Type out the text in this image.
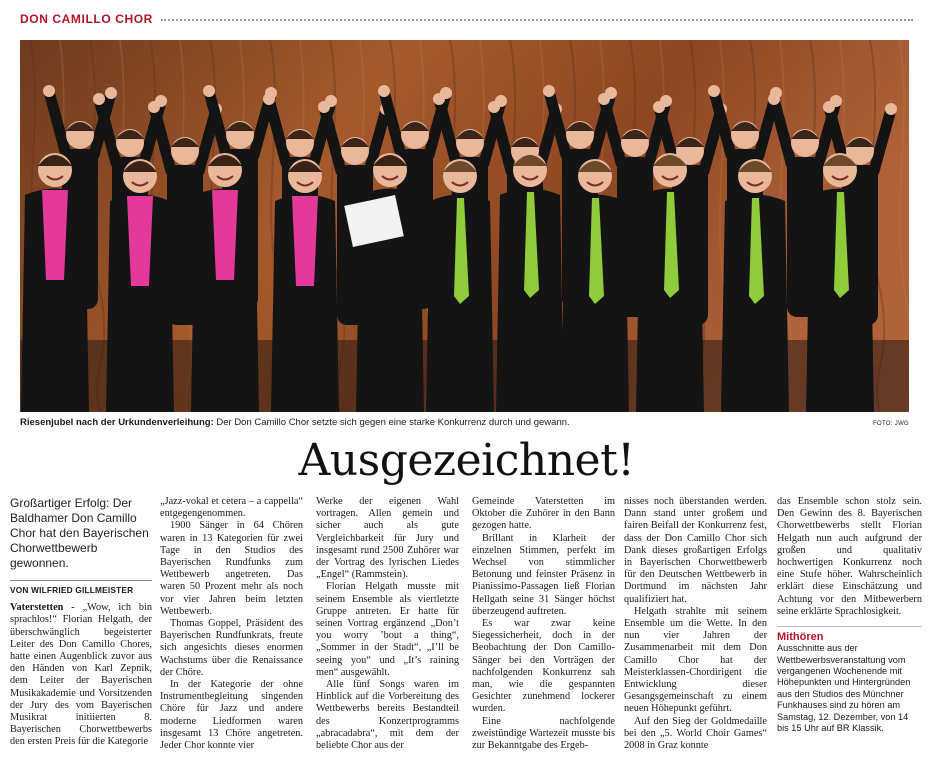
DON CAMILLO CHOR
Riesenjubel nach der Urkundenverleihung: Der Don Camillo Chor setzte sich gegen eine starke Konkurrenz durch und gewann.	FOTO: JWG
Ausgezeichnet!

Großartiger Erfolg: Der Baldhamer Don Camillo Chor hat den Bayerischen Chorwettbewerb gewonnen.

VON WILFRIED GILLMEISTER

Vaterstetten - „Wow, ich bin sprachlos!“ Florian Helgath, der überschwänglich begeisterter Leiter des Don Camillo Chores, hatte einen Augenblick zuvor aus den Händen von Karl Zepnik, dem Leiter der Bayerischen Musikakademie und Vorsitzenden der Jury des vom Bayerischen Musikrat initiierten 8. Bayerischen Chorwettbewerbs den ersten Preis für die Kategorie

„Jazz-vokal et cetera – a cappella“ entgegengenommen.

1900 Sänger in 64 Chören waren in 13 Kategorien für zwei Tage in den Studios des Bayerischen Rundfunks zum Wettbewerb angetreten. Das waren 50 Prozent mehr als noch vor vier Jahren beim letzten Wettbewerb.

Thomas Goppel, Präsident des Bayerischen Rundfunkrats, freute sich angesichts dieses enormen Wachstums über die Renaissance der Chöre.

In der Kategorie der ohne Instrumentbegleitung singenden Chöre für Jazz und andere moderne Liedformen waren insgesamt 13 Chöre angetreten. Jeder Chor konnte vier

Werke der eigenen Wahl vortragen. Allen gemein und sicher auch als gute Vergleichbarkeit für Jury und insgesamt rund 2500 Zuhörer war der Vortrag des lyrischen Liedes „Engel“ (Rammstein).

Florian Helgath musste mit seinem Ensemble als viertletzte Gruppe antreten. Er hatte für seinen Vortrag ergänzend „Don’t you worry ’bout a thing“, „Sommer in der Stadt“, „I’ll be seeing you“ und „It’s raining men“ ausgewählt.

Alle fünf Songs waren im Hinblick auf die Vorbereitung des Wettbewerbs bereits Bestandteil des Konzertprogramms „abracadabra“, mit dem der beliebte Chor aus der

Gemeinde Vaterstetten im Oktober die Zuhörer in den Bann gezogen hatte.

Brillant in Klarheit der einzelnen Stimmen, perfekt im Wechsel von stimmlicher Betonung und feinster Präsenz in Pianissimo-Passagen ließ Florian Hellgath seine 31 Sänger höchst überzeugend auftreten.

Es war zwar keine Siegessicherheit, doch in der Beobachtung der Don Camillo-Sänger bei den Vorträgen der nachfolgenden Konkurrenz sah man, wie die gespannten Gesichter zunehmend lockerer wurden.

Eine nachfolgende zweistündige Wartezeit musste bis zur Bekanntgabe des Ergeb-

nisses noch überstanden werden. Dann stand unter großem und fairen Beifall der Konkurrenz fest, dass der Don Camillo Chor sich Dank dieses großartigen Erfolgs in Bayerischen Chorwettbewerb für den Deutschen Wettbewerb in Dortmund im nächsten Jahr qualifiziert hat.

Helgath strahlte mit seinem Ensemble um die Wette. In den nun vier Jahren der Zusammenarbeit mit dem Don Camillo Chor hat der Meisterklassen-Chordirigent die Entwicklung dieser Gesangsgemeinschaft zu einem neuen Höhepunkt geführt.

Auf den Sieg der Goldmedaille bei den „5. World Choir Games“ 2008 in Graz konnte

das Ensemble schon stolz sein. Den Gewinn des 8. Bayerischen Chorwettbewerbs stellt Florian Helgath nun auch aufgrund der großen und qualitativ hochwertigen Konkurrenz noch eine Stufe höher. Wahrscheinlich erklärt diese Einschätzung und Achtung vor den Mitbewerbern seine erklärte Sprachlosigkeit.

Mithören

Ausschnitte aus der Wettbewerbsveranstaltung vom vergangenen Wochenende mit Höhepunkten und Hintergründen aus den Studios des Münchner Funkhauses sind zu hören am Samstag, 12. Dezember, von 14 bis 15 Uhr auf BR Klassik.
